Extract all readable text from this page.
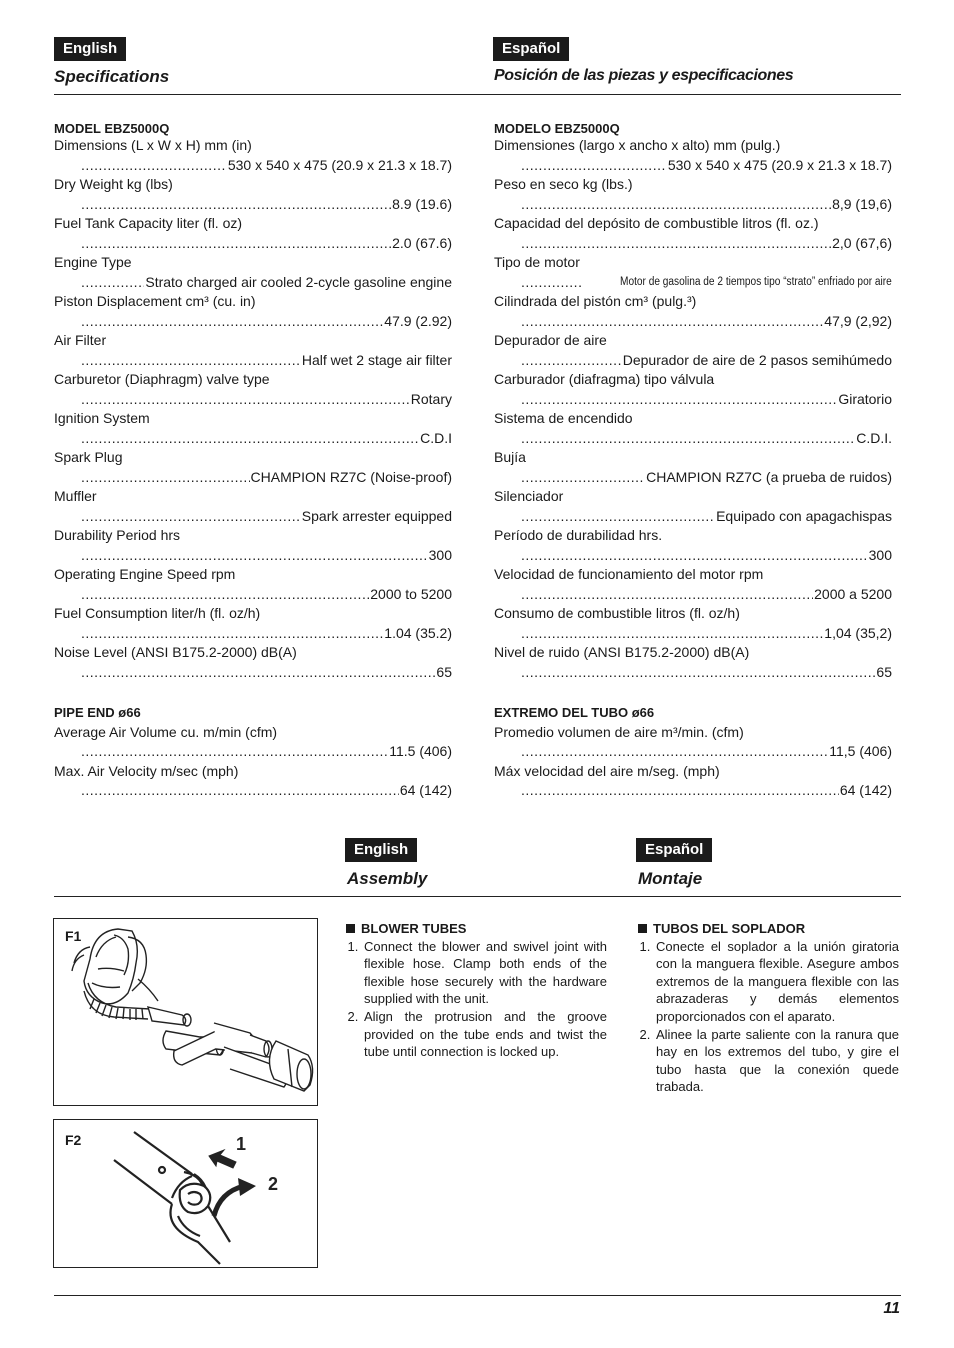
English
Specifications
Español
Posición de las piezas y especificaciones
MODEL EBZ5000Q
Dimensions (L x W x H) mm (in)
.....
530 x 540 x 475 (20.9 x 21.3 x 18.7)
Dry Weight kg (lbs)
.....
8.9 (19.6)
Fuel Tank Capacity liter (fl. oz)
.....
2.0 (67.6)
Engine Type
.....
Strato charged air cooled 2-cycle gasoline engine
Piston Displacement cm³ (cu. in)
.....
47.9 (2.92)
Air Filter
.....
Half wet 2 stage air filter
Carburetor (Diaphragm) valve type
.....
Rotary
Ignition System
.....
C.D.I
Spark Plug
.....
CHAMPION RZ7C (Noise-proof)
Muffler
.....
Spark arrester equipped
Durability Period hrs
.....
300
Operating Engine Speed rpm
.....
2000 to 5200
Fuel Consumption liter/h (fl. oz/h)
.....
1.04 (35.2)
Noise Level (ANSI B175.2-2000) dB(A)
.....
65
PIPE END ø66
Average Air Volume cu. m/min (cfm)
.....
11.5 (406)
Max. Air Velocity m/sec (mph)
.....
64 (142)
MODELO EBZ5000Q
Dimensiones (largo x ancho x alto) mm (pulg.)
.....
530 x 540 x 475 (20.9 x 21.3 x 18.7)
Peso en seco kg (lbs.)
.....
8,9 (19,6)
Capacidad del depósito de combustible litros (fl. oz.)
.....
2,0 (67,6)
Tipo de motor
.....
Motor de gasolina de 2 tiempos tipo “strato” enfriado por aire
Cilindrada del pistón cm³ (pulg.³)
.....
47,9 (2,92)
Depurador de aire
.....
Depurador de aire de 2 pasos semihúmedo
Carburador (diafragma) tipo válvula
.....
Giratorio
Sistema de encendido
.....
C.D.I.
Bujía
.....
CHAMPION RZ7C (a prueba de ruidos)
Silenciador
.....
Equipado con apagachispas
Período de durabilidad hrs.
.....
300
Velocidad de funcionamiento del motor rpm
.....
2000 a 5200
Consumo de combustible litros (fl. oz/h)
.....
1,04 (35,2)
Nivel de ruido (ANSI B175.2-2000) dB(A)
.....
65
EXTREMO DEL TUBO ø66
Promedio volumen de aire m³/min. (cfm)
.....
11,5 (406)
Máx velocidad del aire m/seg. (mph)
.....
64 (142)
English
Assembly
Español
Montaje
F1
F2	1
2
BLOWER TUBES
1. Connect the blower and swivel joint with flexible hose. Clamp both ends of the flexible hose securely with the hardware supplied with the unit.
2. Align the protrusion and the groove provided on the tube ends and twist the tube until connection is locked up.
TUBOS DEL SOPLADOR
1. Conecte el soplador a la unión giratoria con la manguera flexible. Asegure ambos extremos de la manguera flexible con las abrazaderas y demás elementos proporcionados con el aparato.
2. Alinee la parte saliente con la ranura que hay en los extremos del tubo, y gire el tubo hasta que la conexión quede trabada.
11
